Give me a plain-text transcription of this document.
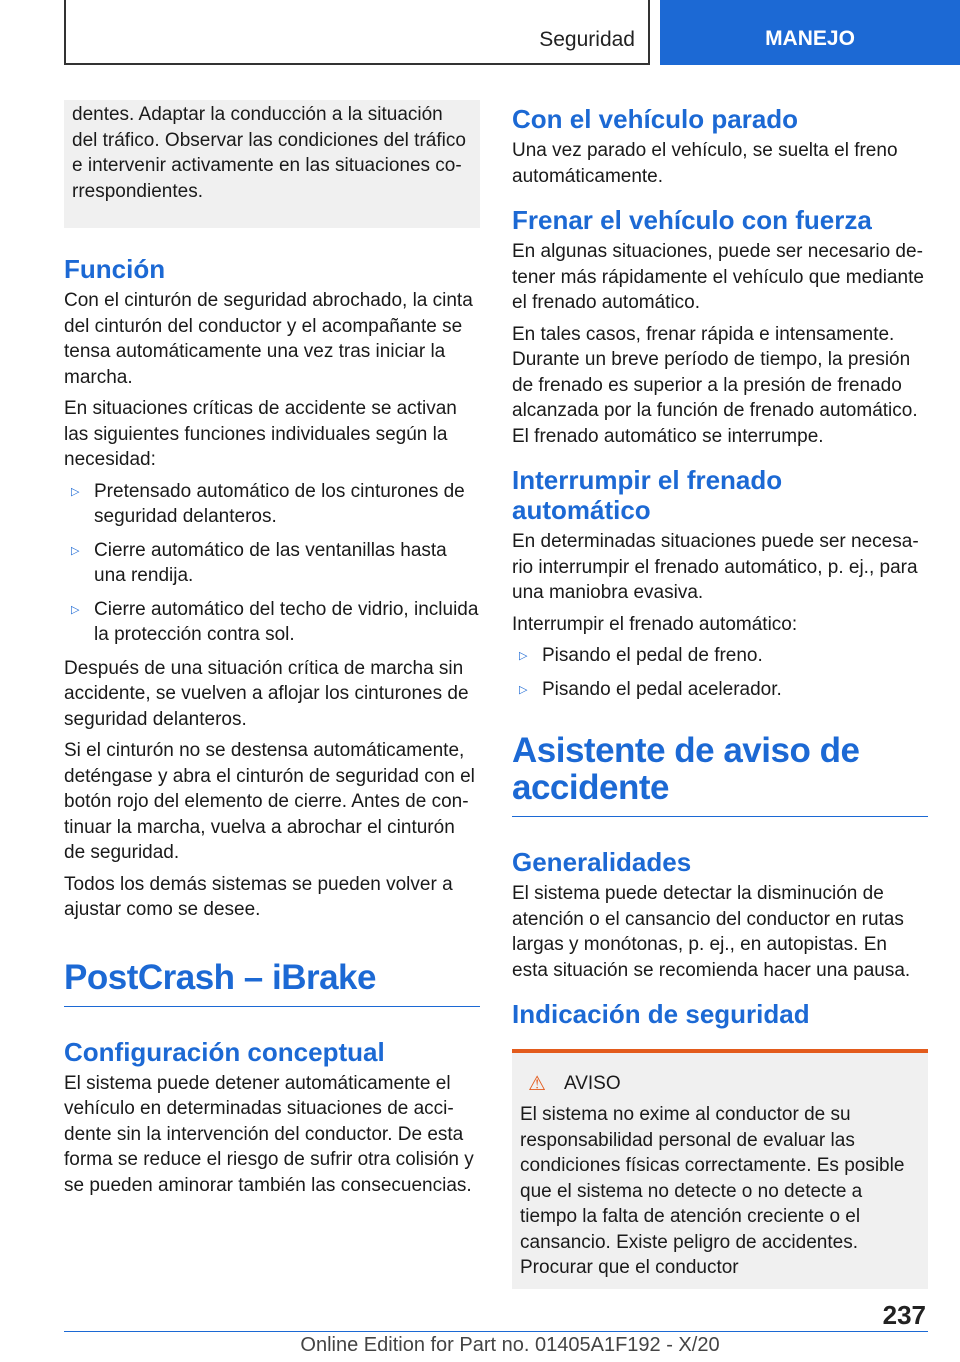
Seguridad	MANEJO

dentes. Adaptar la conducción a la situación del tráfico. Observar las condiciones del tráfico e intervenir activamente en las situaciones correspondientes.

Función

Con el cinturón de seguridad abrochado, la cinta del cinturón del conductor y el acompañante se tensa automáticamente una vez tras iniciar la marcha.

En situaciones críticas de accidente se activan las siguientes funciones individuales según la necesidad:

▷ Pretensado automático de los cinturones de seguridad delanteros.
▷ Cierre automático de las ventanillas hasta una rendija.
▷ Cierre automático del techo de vidrio, incluida la protección contra sol.

Después de una situación crítica de marcha sin accidente, se vuelven a aflojar los cinturones de seguridad delanteros.

Si el cinturón no se destensa automáticamente, deténgase y abra el cinturón de seguridad con el botón rojo del elemento de cierre. Antes de continuar la marcha, vuelva a abrochar el cinturón de seguridad.

Todos los demás sistemas se pueden volver a ajustar como se desee.

PostCrash – iBrake
Configuración conceptual

El sistema puede detener automáticamente el vehículo en determinadas situaciones de accidente sin la intervención del conductor. De esta forma se reduce el riesgo de sufrir otra colisión y se pueden aminorar también las consecuencias.

Con el vehículo parado

Una vez parado el vehículo, se suelta el freno automáticamente.

Frenar el vehículo con fuerza

En algunas situaciones, puede ser necesario detener más rápidamente el vehículo que mediante el frenado automático.

En tales casos, frenar rápida e intensamente. Durante un breve período de tiempo, la presión de frenado es superior a la presión de frenado alcanzada por la función de frenado automático. El frenado automático se interrumpe.

Interrumpir el frenado automático

En determinadas situaciones puede ser necesario interrumpir el frenado automático, p. ej., para una maniobra evasiva.

Interrumpir el frenado automático:

▷ Pisando el pedal de freno.
▷ Pisando el pedal acelerador.
Asistente de aviso de accidente
Generalidades

El sistema puede detectar la disminución de atención o el cansancio del conductor en rutas largas y monótonas, p. ej., en autopistas. En esta situación se recomienda hacer una pausa.

Indicación de seguridad
⚠ AVISO

El sistema no exime al conductor de su responsabilidad personal de evaluar las condiciones físicas correctamente. Es posible que el sistema no detecte o no detecte a tiempo la falta de atención creciente o el cansancio. Existe peligro de accidentes. Procurar que el conductor

237
Online Edition for Part no. 01405A1F192 - X/20
